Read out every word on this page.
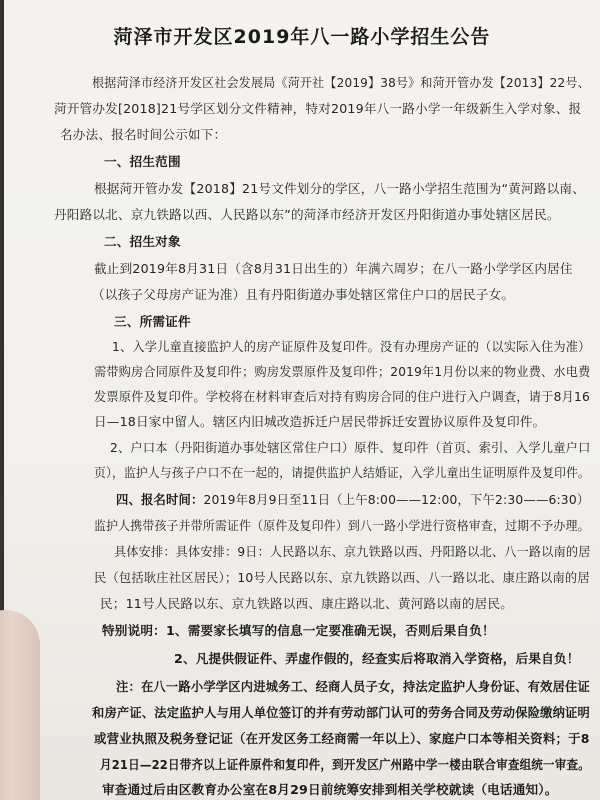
菏泽市开发区2019年八一路小学招生公告
根据菏泽市经济开发区社会发展局《菏开社【2019】38号》和菏开管办发【2013】22号、
菏开管办发[2018]21号学区划分文件精神，特对2019年八一路小学一年级新生入学对象、报
名办法、报名时间公示如下：
一、招生范围
根据菏开管办发【2018】21号文件划分的学区，八一路小学招生范围为“黄河路以南、
丹阳路以北、京九铁路以西、人民路以东”的菏泽市经济开发区丹阳街道办事处辖区居民。
二、招生对象
截止到2019年8月31日（含8月31日出生的）年满六周岁；在八一路小学学区内居住
（以孩子父母房产证为准）且有丹阳街道办事处辖区常住户口的居民子女。
三、所需证件
1、入学儿童直接监护人的房产证原件及复印件。没有办理房产证的（以实际入住为准）
需带购房合同原件及复印件；购房发票原件及复印件；2019年1月份以来的物业费、水电费
发票原件及复印件。学校将在材料审查后对持有购房合同的住户进行入户调查，请于8月16
日—18日家中留人。辖区内旧城改造拆迁户居民带拆迁安置协议原件及复印件。
2、户口本（丹阳街道办事处辖区常住户口）原件、复印件（首页、索引、入学儿童户口
页），监护人与孩子户口不在一起的，请提供监护人结婚证，入学儿童出生证明原件及复印件。
四、报名时间：2019年8月9日至11日（上午8:00——12:00，下午2:30——6:30）
监护人携带孩子并带所需证件（原件及复印件）到八一路小学进行资格审查，过期不予办理。
具体安排：具体安排：9日：人民路以东、京九铁路以西、丹阳路以北、八一路以南的居
民（包括耿庄社区居民）；10号人民路以东、京九铁路以西、八一路以北、康庄路以南的居
民；11号人民路以东、京九铁路以西、康庄路以北、黄河路以南的居民。
特别说明：1、需要家长填写的信息一定要准确无误，否则后果自负！
2、凡提供假证件、弄虚作假的，经查实后将取消入学资格，后果自负！
注：在八一路小学学区内进城务工、经商人员子女，持法定监护人身份证、有效居住证
和房产证、法定监护人与用人单位签订的并有劳动部门认可的劳务合同及劳动保险缴纳证明
或营业执照及税务登记证（在开发区务工经商需一年以上）、家庭户口本等相关资料；于8
月21日—22日带齐以上证件原件和复印件，到开发区广州路中学一楼由联合审查组统一审查。
审查通过后由区教育办公室在8月29日前统筹安排到相关学校就读（电话通知）。
